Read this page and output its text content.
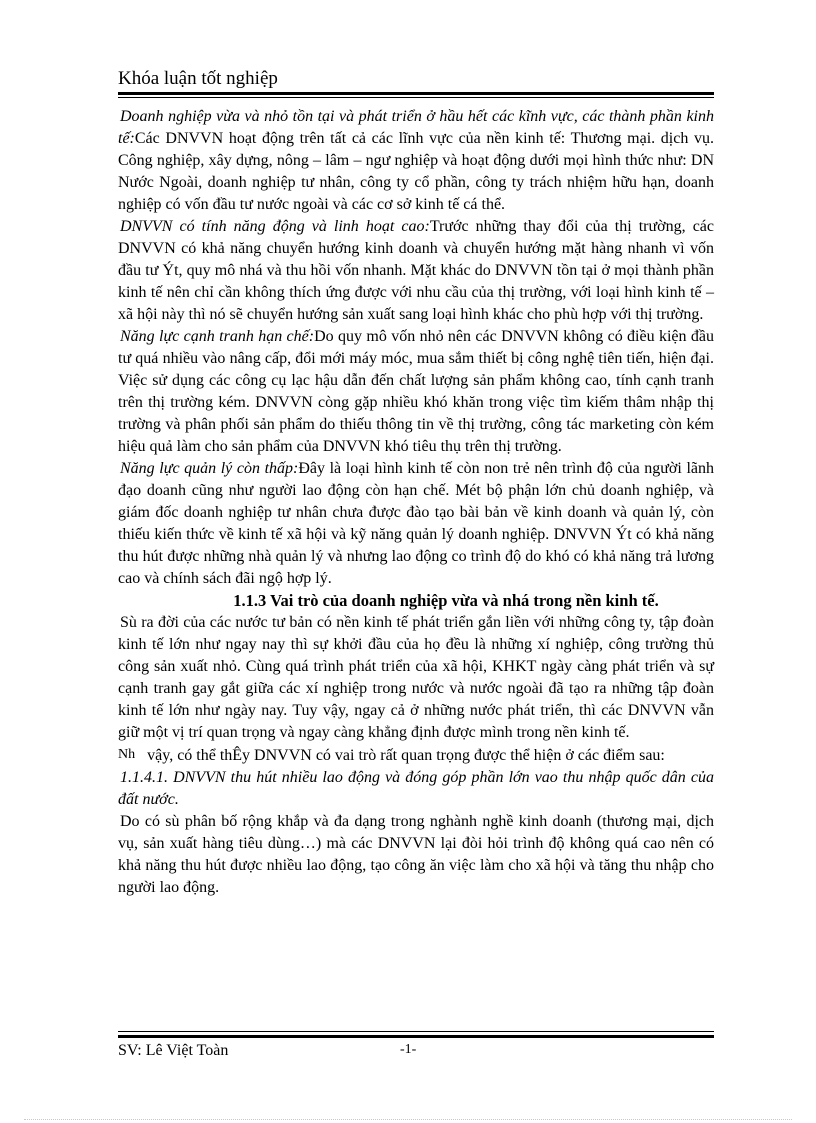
Khóa luận tốt nghiệp

Doanh nghiệp vừa và nhỏ tồn tại và phát triển ở hầu hết các kĩnh vực, các thành phần kinh tế:Các DNVVN hoạt động trên tất cả các lĩnh vực của nền kinh tế: Thương mại. dịch vụ. Công nghiệp, xây dựng, nông – lâm – ngư nghiệp và hoạt động dưới mọi hình thức như: DN Nước Ngoài, doanh nghiệp tư nhân, công ty cổ phần, công ty trách nhiệm hữu hạn, doanh nghiệp có vốn đầu tư nước ngoài và các cơ sở kinh tế cá thể.

DNVVN có tính năng động và linh hoạt cao:Trước những thay đổi của thị trường, các DNVVN có khả năng chuyển hướng kinh doanh và chuyển hướng mặt hàng nhanh vì vốn đầu tư Ýt, quy mô nhá và thu hồi vốn nhanh. Mặt khác do DNVVN tồn tại ở mọi thành phần kinh tế nên chỉ cần không thích ứng được với nhu cầu của thị trường, với loại hình kinh tế – xã hội này thì nó sẽ chuyển hướng sản xuất sang loại hình khác cho phù hợp với thị trường.

Năng lực cạnh tranh hạn chế:Do quy mô vốn nhỏ nên các DNVVN không có điều kiện đầu tư quá nhiều vào nâng cấp, đổi mới máy móc, mua sắm thiết bị công nghệ tiên tiến, hiện đại. Việc sử dụng các công cụ lạc hậu dẫn đến chất lượng sản phẩm không cao, tính cạnh tranh trên thị trường kém. DNVVN còng gặp nhiều khó khăn trong việc tìm kiếm thâm nhập thị trường và phân phối sản phẩm do thiếu thông tin về thị trường, công tác marketing còn kém hiệu quả làm cho sản phẩm của DNVVN khó tiêu thụ trên thị trường.

Năng lực quản lý còn thấp:Đây là loại hình kinh tế còn non trẻ nên trình độ của người lãnh đạo doanh cũng như người lao động còn hạn chế. Mét bộ phận lớn chủ doanh nghiệp, và giám đốc doanh nghiệp tư nhân chưa được đào tạo bài bản về kinh doanh và quản lý, còn thiếu kiến thức về kinh tế xã hội và kỹ năng quản lý doanh nghiệp. DNVVN Ýt có khả năng thu hút được những nhà quản lý và nhưng lao động co trình độ do khó có khả năng trả lương cao và chính sách đãi ngộ hợp lý.

1.1.3 Vai trò của doanh nghiệp vừa và nhá trong nền kinh tế.

Sù ra đời của các nước tư bản có nền kinh tế phát triển gắn liền với những công ty, tập đoàn kinh tế lớn như ngay nay thì sự khởi đầu của họ đều là những xí nghiệp, công trường thủ công sản xuất nhỏ. Cùng quá trình phát triển của xã hội, KHKT ngày càng phát triển và sự cạnh tranh gay gắt giữa các xí nghiệp trong nước và nước ngoài đã tạo ra những tập đoàn kinh tế lớn như ngày nay. Tuy vậy, ngay cả ở những nước phát triển, thì các DNVVN vẫn giữ một vị trí quan trọng và ngay càng khẳng định được mình trong nền kinh tế.

Nh vậy, có thể thÊy DNVVN có vai trò rất quan trọng được thể hiện ở các điểm sau:

1.1.4.1. DNVVN thu hút nhiều lao động và đóng góp phần lớn vao thu nhập quốc dân của đất nước.

Do có sù phân bố rộng khắp và đa dạng trong nghành nghề kinh doanh (thương mại, dịch vụ, sản xuất hàng tiêu dùng…) mà các DNVVN lại đòi hỏi trình độ không quá cao nên có khả năng thu hút được nhiều lao động, tạo công ăn việc làm cho xã hội và tăng thu nhập cho người lao động.

SV: Lê Việt Toàn	-1-
